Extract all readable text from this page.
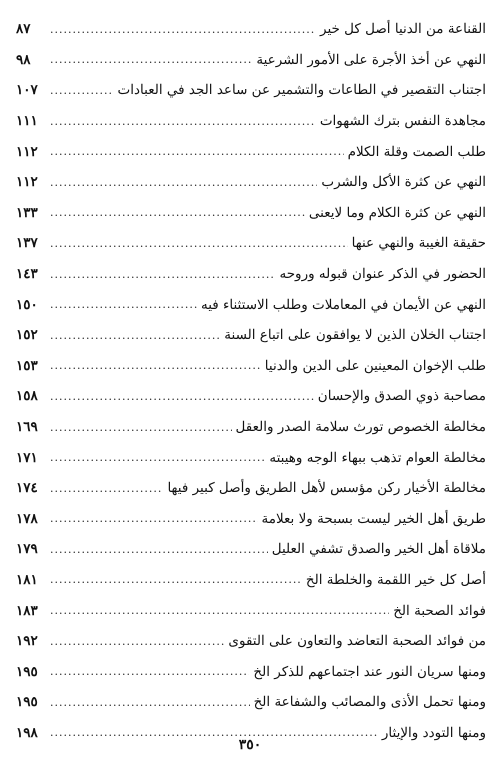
القناعة من الدنيا أصل كل خير
.....
٨٧
النهي عن أخذ الأجرة على الأمور الشرعية
.....
٩٨
اجتناب التقصير في الطاعات والتشمير عن ساعد الجد في العبادات
.....
١٠٧
مجاهدة النفس بترك الشهوات
.....
١١١
طلب الصمت وقلة الكلام
.....
١١٢
النهي عن كثرة الأكل والشرب
.....
١١٢
النهي عن كثرة الكلام وما لايعنى
.....
١٣٣
حقيقة الغيبة والنهي عنها
.....
١٣٧
الحضور في الذكر عنوان قبوله وروحه
.....
١٤٣
النهي عن الأيمان في المعاملات وطلب الاستثناء فيه
.....
١٥٠
اجتناب الخلان الذين لا يوافقون على اتباع السنة
.....
١٥٢
طلب الإخوان المعينين على الدين والدنيا
.....
١٥٣
مصاحبة ذوي الصدق والإحسان
.....
١٥٨
مخالطة الخصوص تورث سلامة الصدر والعقل
.....
١٦٩
مخالطة العوام تذهب ببهاء الوجه وهيبته
.....
١٧١
مخالطة الأخيار ركن مؤسس لأهل الطريق وأصل كبير فيها
.....
١٧٤
طريق أهل الخير ليست بسبحة ولا بعلامة
.....
١٧٨
ملاقاة أهل الخير والصدق تشفي العليل
.....
١٧٩
أصل كل خير اللقمة والخلطة الخ
.....
١٨١
فوائد الصحبة الخ
.....
١٨٣
من فوائد الصحبة التعاضد والتعاون على التقوى
.....
١٩٢
ومنها سريان النور عند اجتماعهم للذكر الخ
.....
١٩٥
ومنها تحمل الأذى والمصائب والشفاعة الخ
.....
١٩٥
ومنها التودد والإيثار
.....
١٩٨
٣٥٠
